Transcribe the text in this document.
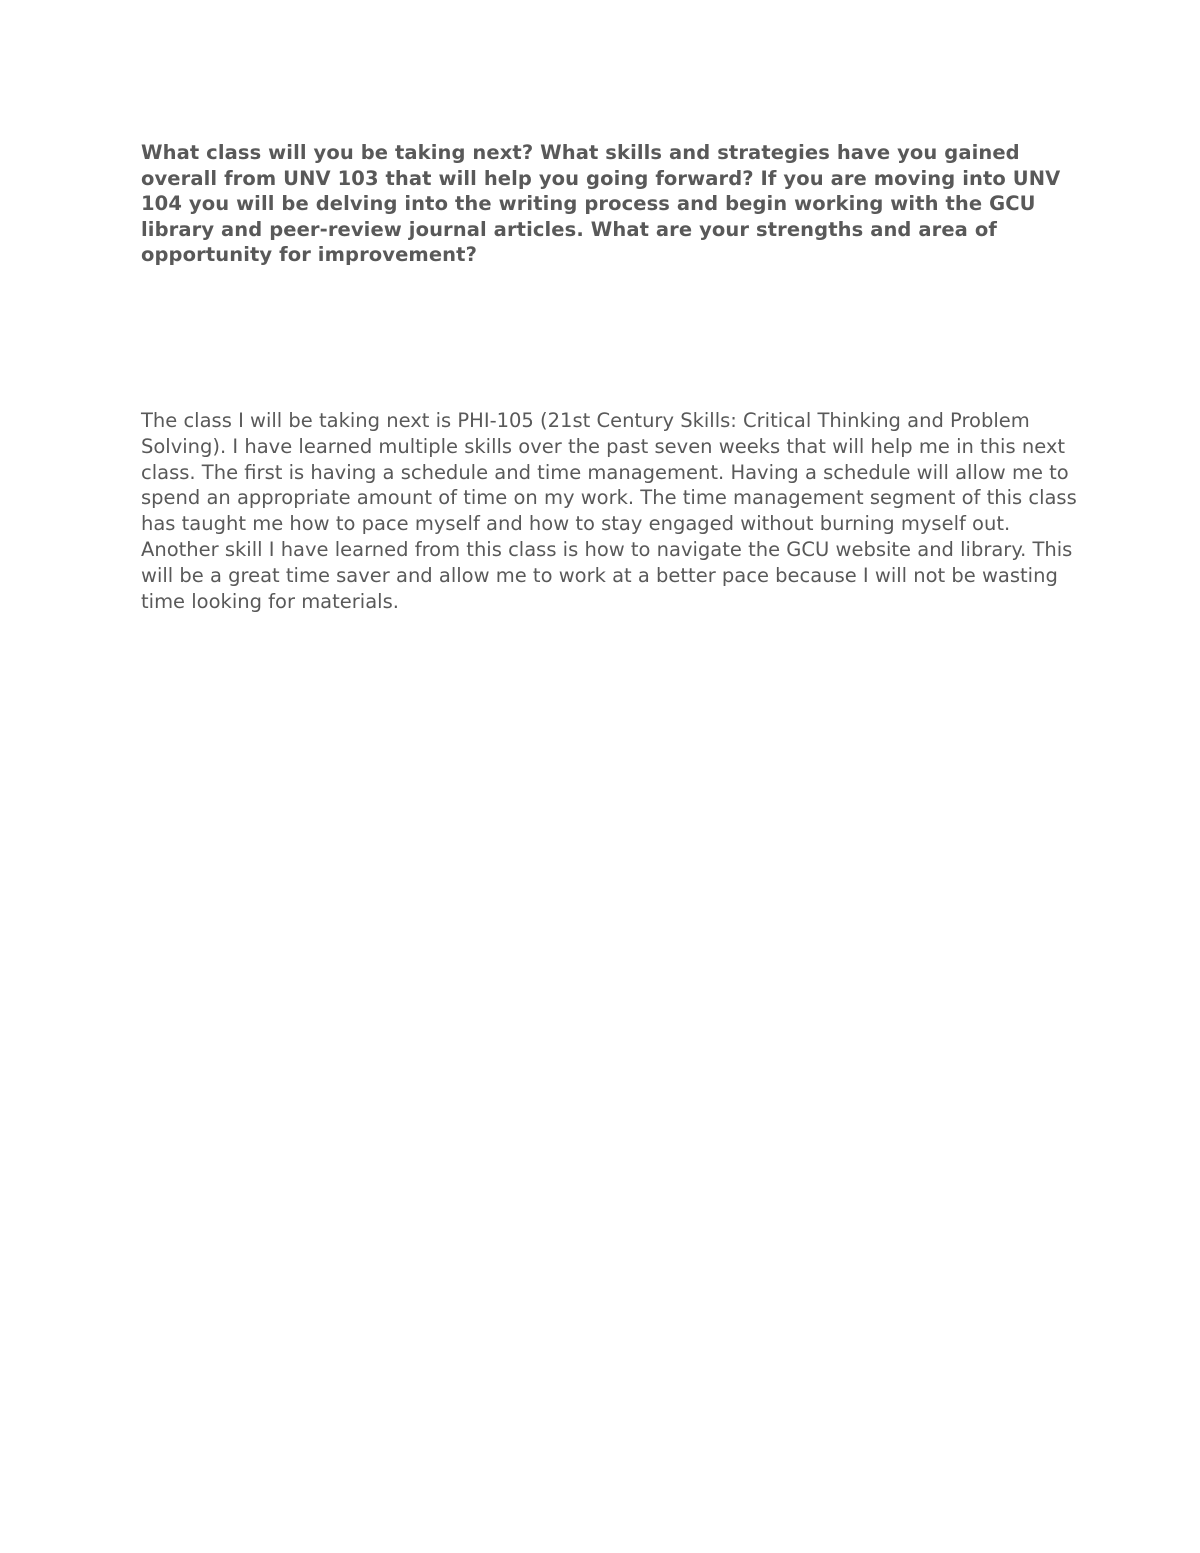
What class will you be taking next? What skills and strategies have you gained overall from UNV 103 that will help you going forward? If you are moving into UNV 104 you will be delving into the writing process and begin working with the GCU library and peer-review journal articles. What are your strengths and area of opportunity for improvement?

The class I will be taking next is PHI-105 (21st Century Skills: Critical Thinking and Problem Solving). I have learned multiple skills over the past seven weeks that will help me in this next class. The first is having a schedule and time management. Having a schedule will allow me to spend an appropriate amount of time on my work. The time management segment of this class has taught me how to pace myself and how to stay engaged without burning myself out. Another skill I have learned from this class is how to navigate the GCU website and library. This will be a great time saver and allow me to work at a better pace because I will not be wasting time looking for materials.
